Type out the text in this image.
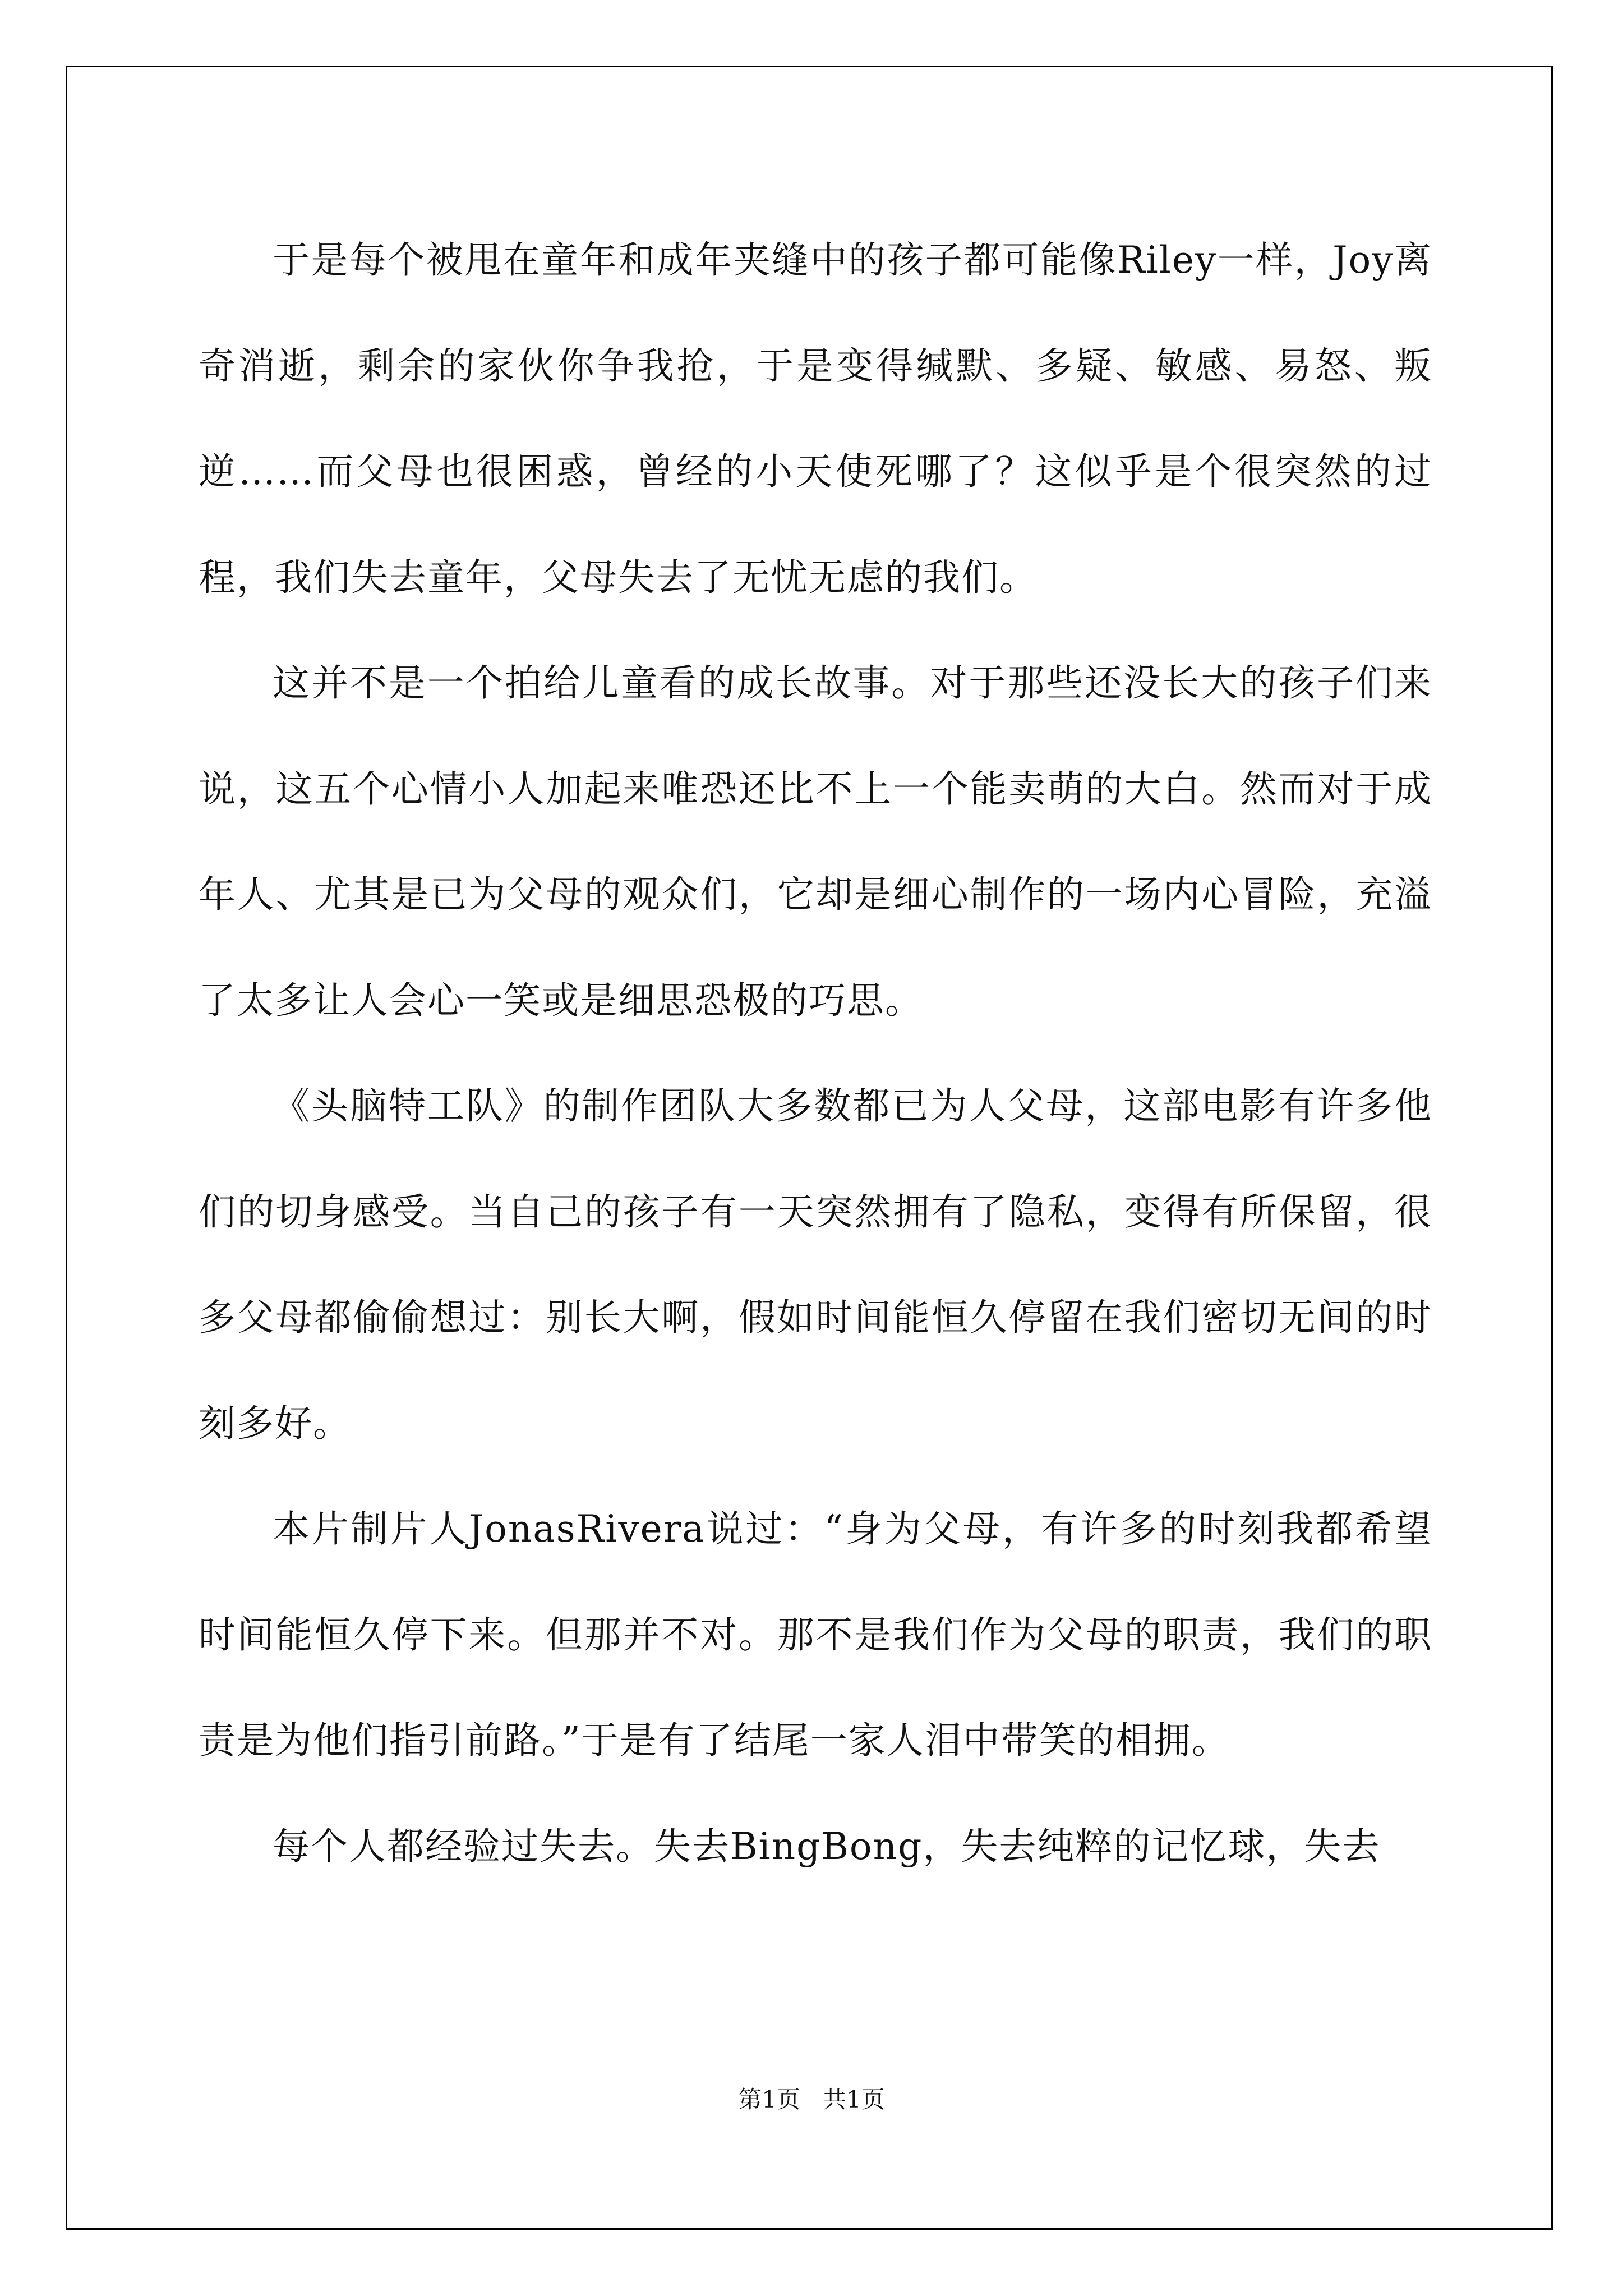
于是每个被甩在童年和成年夹缝中的孩子都可能像Riley一样，Joy离奇消逝，剩余的家伙你争我抢，于是变得缄默、多疑、敏感、易怒、叛逆……而父母也很困惑，曾经的小天使死哪了？这似乎是个很突然的过程，我们失去童年，父母失去了无忧无虑的我们。

这并不是一个拍给儿童看的成长故事。对于那些还没长大的孩子们来说，这五个心情小人加起来唯恐还比不上一个能卖萌的大白。然而对于成年人、尤其是已为父母的观众们，它却是细心制作的一场内心冒险，充溢了太多让人会心一笑或是细思恐极的巧思。

《头脑特工队》的制作团队大多数都已为人父母，这部电影有许多他们的切身感受。当自己的孩子有一天突然拥有了隐私，变得有所保留，很多父母都偷偷想过：别长大啊，假如时间能恒久停留在我们密切无间的时刻多好。

本片制片人JonasRivera说过：“身为父母，有许多的时刻我都希望时间能恒久停下来。但那并不对。那不是我们作为父母的职责，我们的职责是为他们指引前路。”于是有了结尾一家人泪中带笑的相拥。

每个人都经验过失去。失去BingBong，失去纯粹的记忆球，失去

第1页 共1页
